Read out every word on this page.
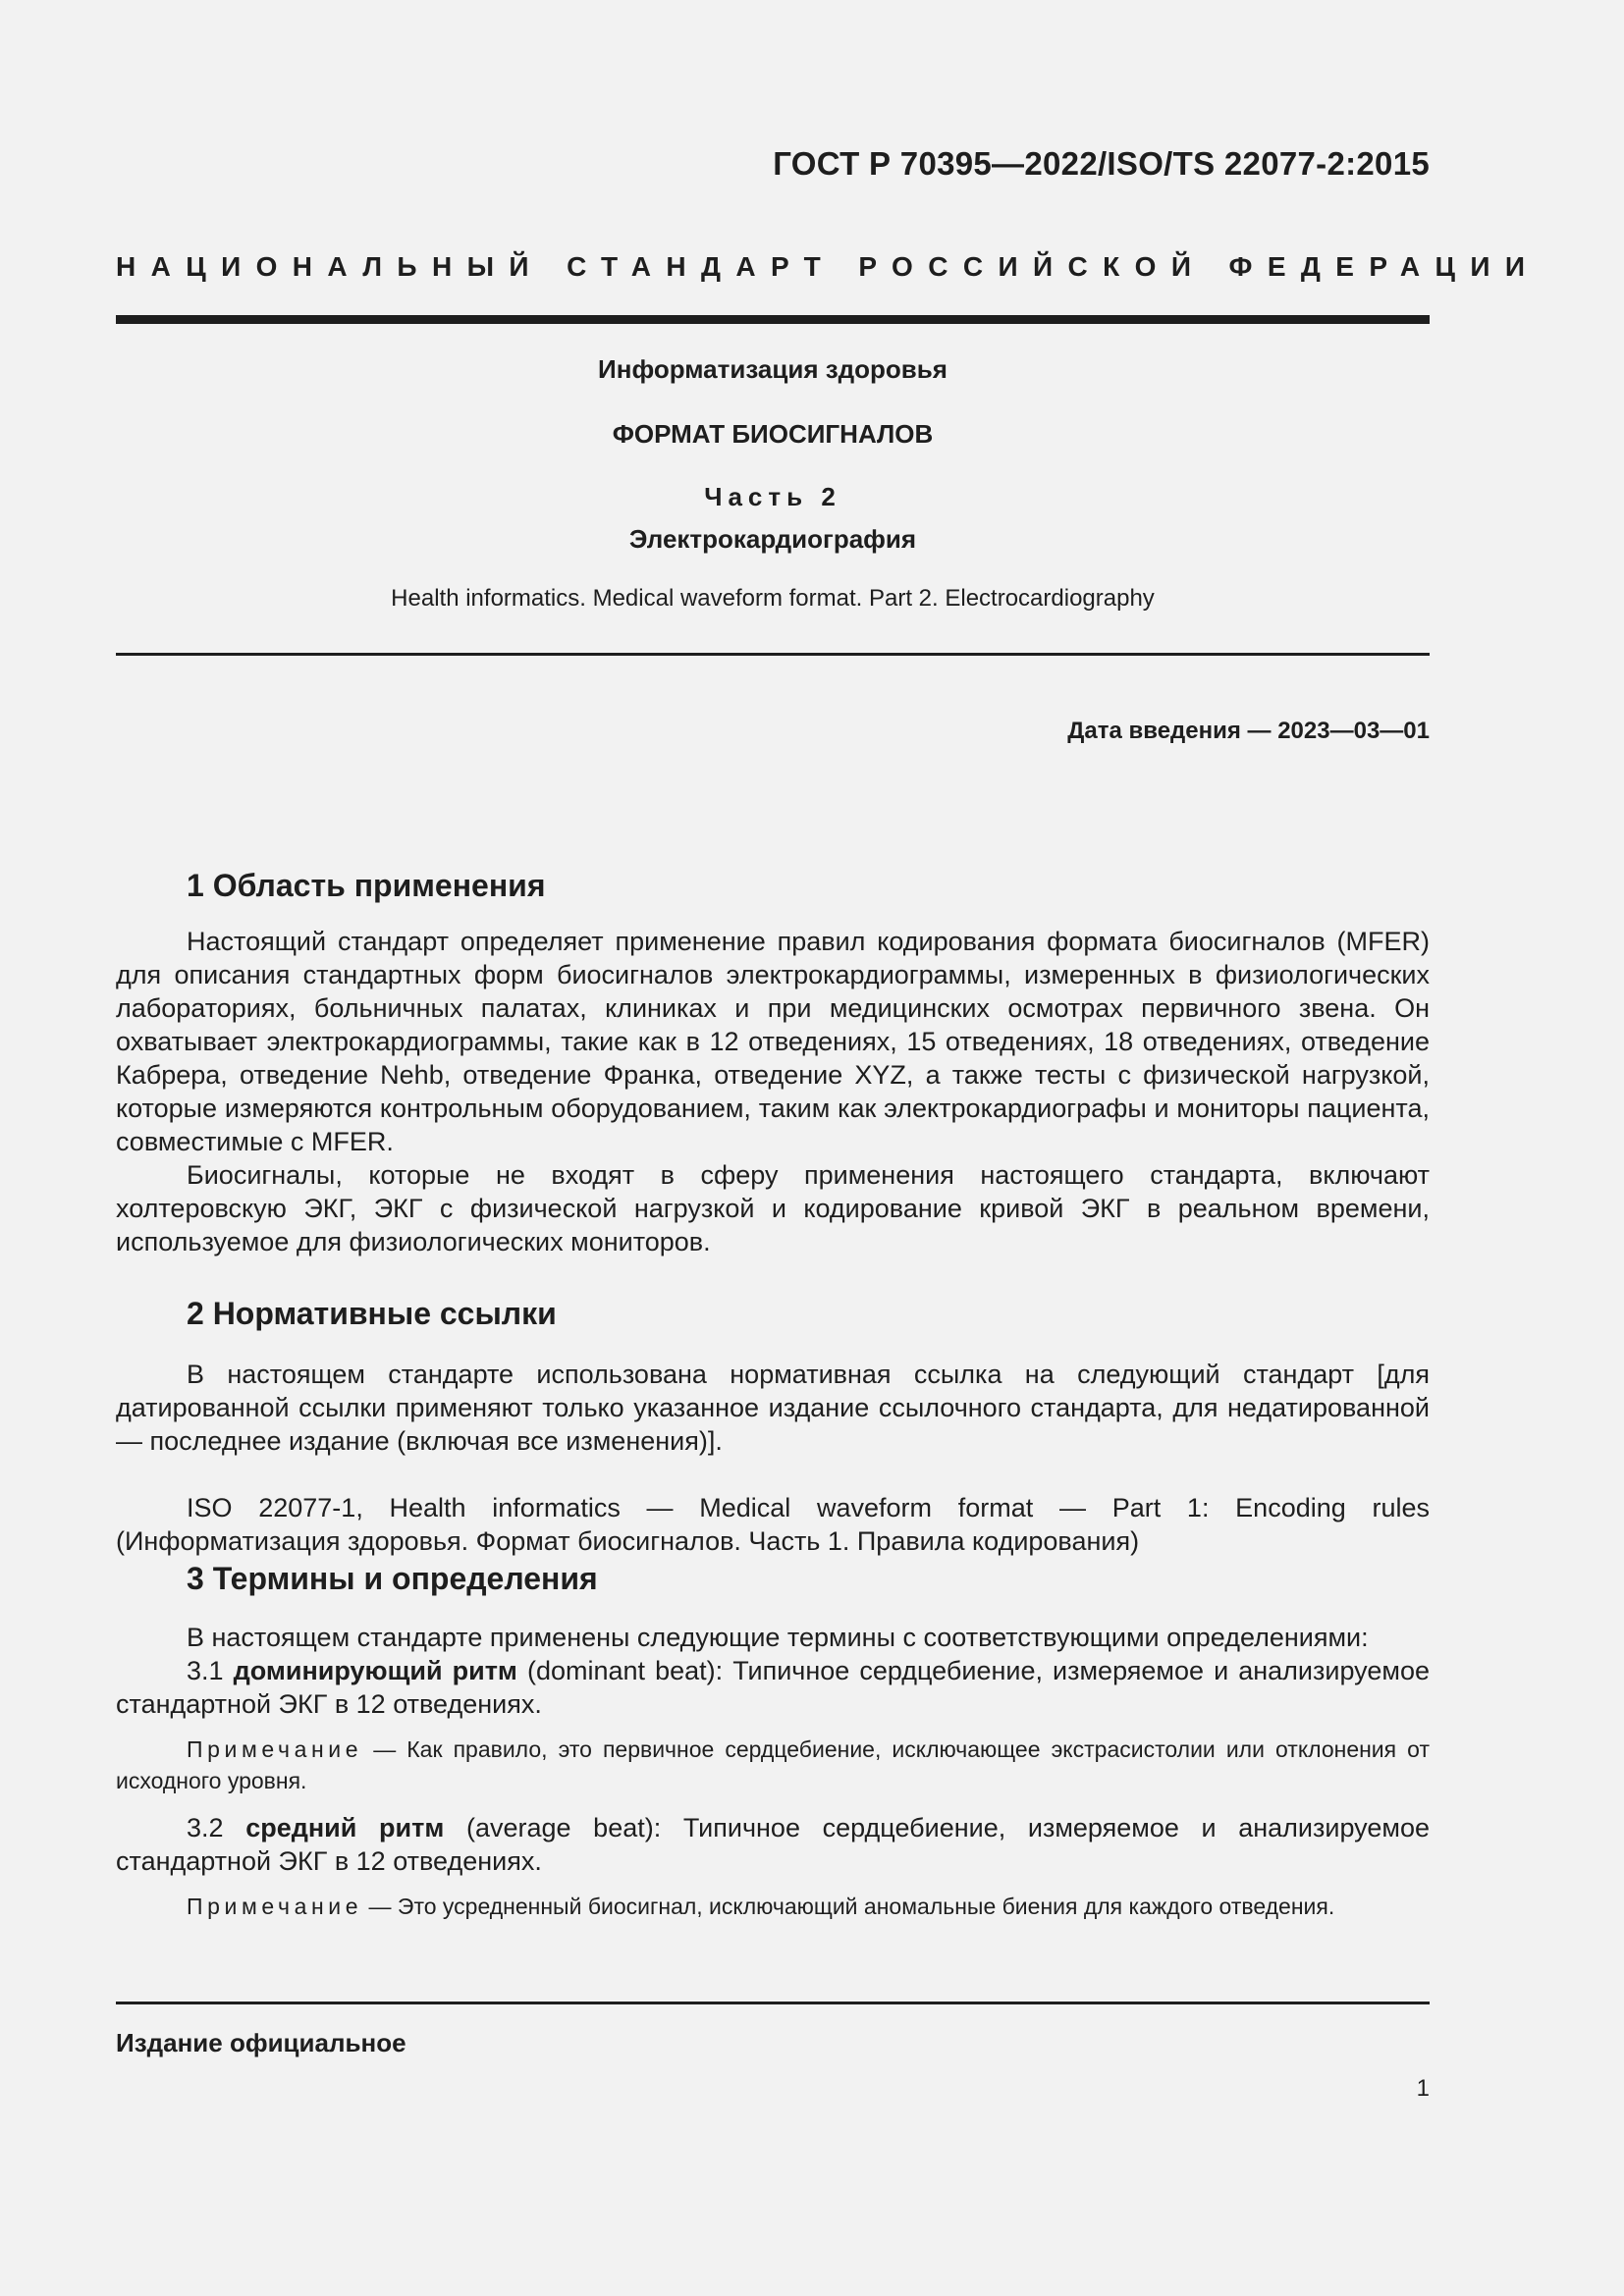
ГОСТ Р 70395—2022/ISO/TS 22077-2:2015
НАЦИОНАЛЬНЫЙ СТАНДАРТ РОССИЙСКОЙ ФЕДЕРАЦИИ
Информатизация здоровья
ФОРМАТ БИОСИГНАЛОВ
Часть 2
Электрокардиография
Health informatics. Medical waveform format. Part 2. Electrocardiography
Дата введения — 2023—03—01
1 Область применения

Настоящий стандарт определяет применение правил кодирования формата биосигналов (MFER) для описания стандартных форм биосигналов электрокардиограммы, измеренных в физиологических лабораториях, больничных палатах, клиниках и при медицинских осмотрах первичного звена. Он охватывает электрокардиограммы, такие как в 12 отведениях, 15 отведениях, 18 отведениях, отведение Кабрера, отведение Nehb, отведение Франка, отведение XYZ, а также тесты с физической нагрузкой, которые измеряются контрольным оборудованием, таким как электрокардиографы и мониторы пациента, совместимые с MFER.

Биосигналы, которые не входят в сферу применения настоящего стандарта, включают холтеровскую ЭКГ, ЭКГ с физической нагрузкой и кодирование кривой ЭКГ в реальном времени, используемое для физиологических мониторов.

2 Нормативные ссылки

В настоящем стандарте использована нормативная ссылка на следующий стандарт [для датированной ссылки применяют только указанное издание ссылочного стандарта, для недатированной — последнее издание (включая все изменения)].

ISO 22077-1, Health informatics — Medical waveform format — Part 1: Encoding rules (Информатизация здоровья. Формат биосигналов. Часть 1. Правила кодирования)

3 Термины и определения

В настоящем стандарте применены следующие термины с соответствующими определениями:

3.1 доминирующий ритм (dominant beat): Типичное сердцебиение, измеряемое и анализируемое стандартной ЭКГ в 12 отведениях.

Примечание — Как правило, это первичное сердцебиение, исключающее экстрасистолии или отклонения от исходного уровня.

3.2 средний ритм (average beat): Типичное сердцебиение, измеряемое и анализируемое стандартной ЭКГ в 12 отведениях.

Примечание — Это усредненный биосигнал, исключающий аномальные биения для каждого отведения.

Издание официальное
1
